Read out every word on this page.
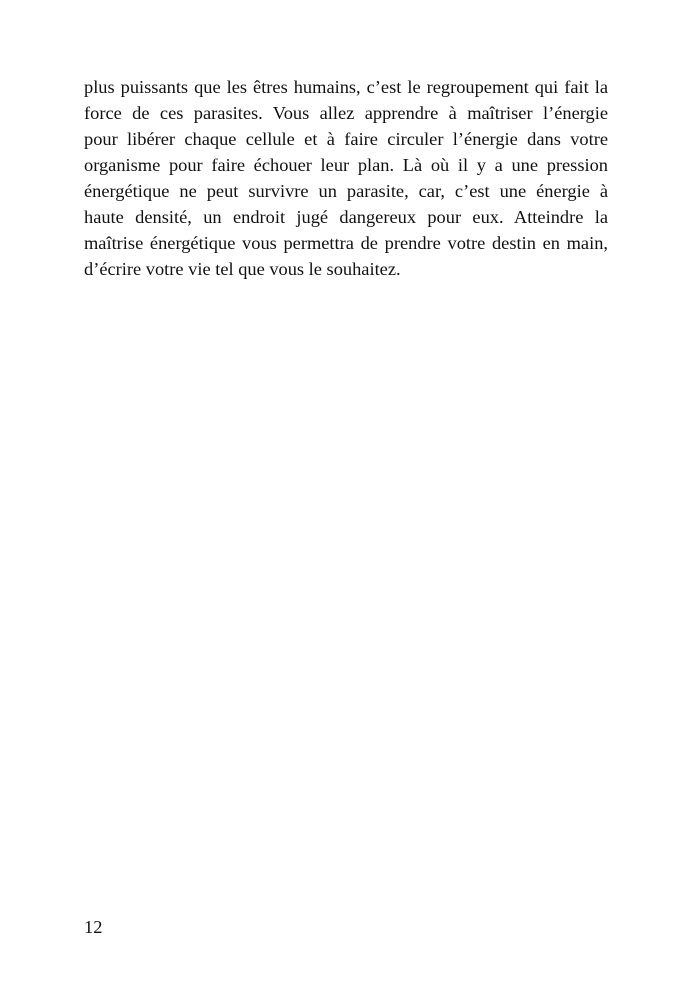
plus puissants que les êtres humains, c’est le regroupement qui fait la
force de ces parasites. Vous allez apprendre à maîtriser l’énergie
pour libérer chaque cellule et à faire circuler l’énergie dans votre
organisme pour faire échouer leur plan. Là où il y a une pression
énergétique ne peut survivre un parasite, car, c’est une énergie à
haute densité, un endroit jugé dangereux pour eux. Atteindre la
maîtrise énergétique vous permettra de prendre votre destin en main,
d’écrire votre vie tel que vous le souhaitez.

12
